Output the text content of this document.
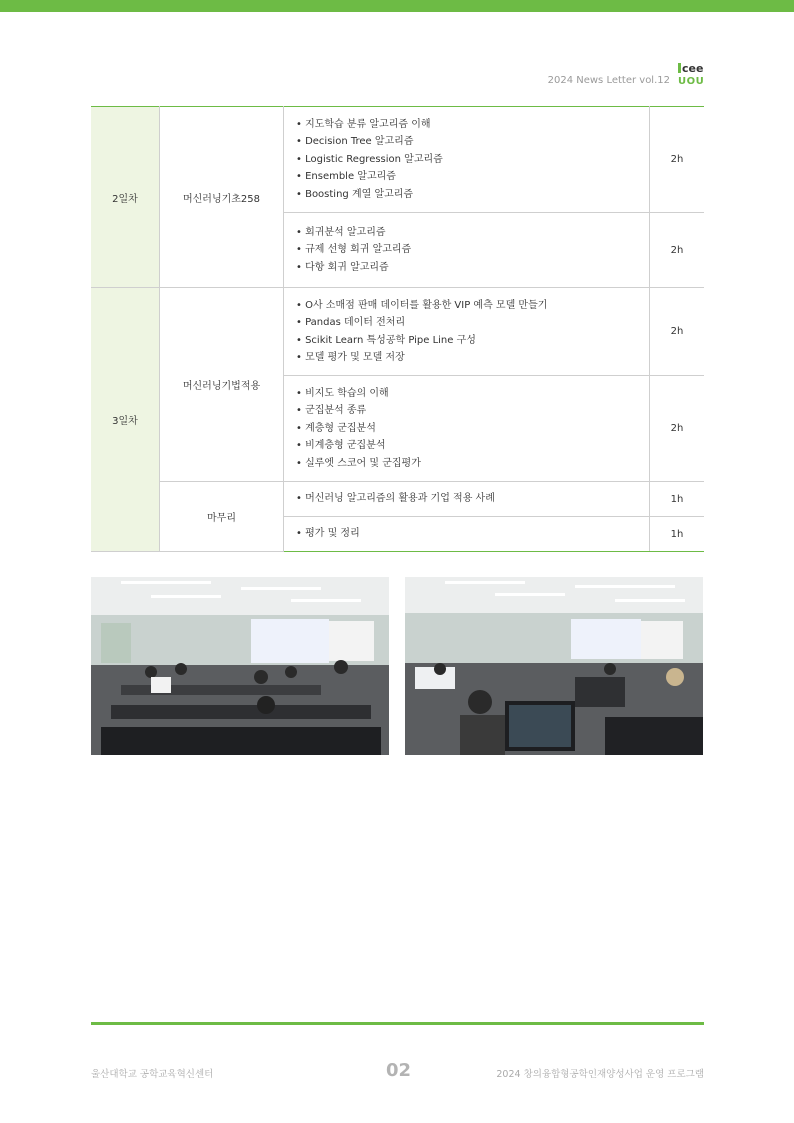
2024 News Letter vol.12
cee
UOU
2일차	머신러닝기초258	• 지도학습 분류 알고리즘 이해
• Decision Tree 알고리즘
• Logistic Regression 알고리즘
• Ensemble 알고리즘
• Boosting 계열 알고리즘	2h

		• 회귀분석 알고리즘
• 규제 선형 회귀 알고리즘
• 다항 회귀 알고리즘	2h
3일차	머신러닝기법적용	• O사 소매점 판매 데이터를 활용한 VIP 예측 모델 만들기
• Pandas 데이터 전처리
• Scikit Learn 특성공학 Pipe Line 구성
• 모델 평가 및 모델 저장	2h

		• 비지도 학습의 이해
• 군집분석 종류
• 계층형 군집분석
• 비계층형 군집분석
• 실루엣 스코어 및 군집평가	2h
	마무리	• 머신러닝 알고리즘의 활용과 기업 적용 사례	1h

		• 평가 및 정리	1h
울산대학교 공학교육혁신센터	02	2024 창의융합형공학인재양성사업 운영 프로그램
